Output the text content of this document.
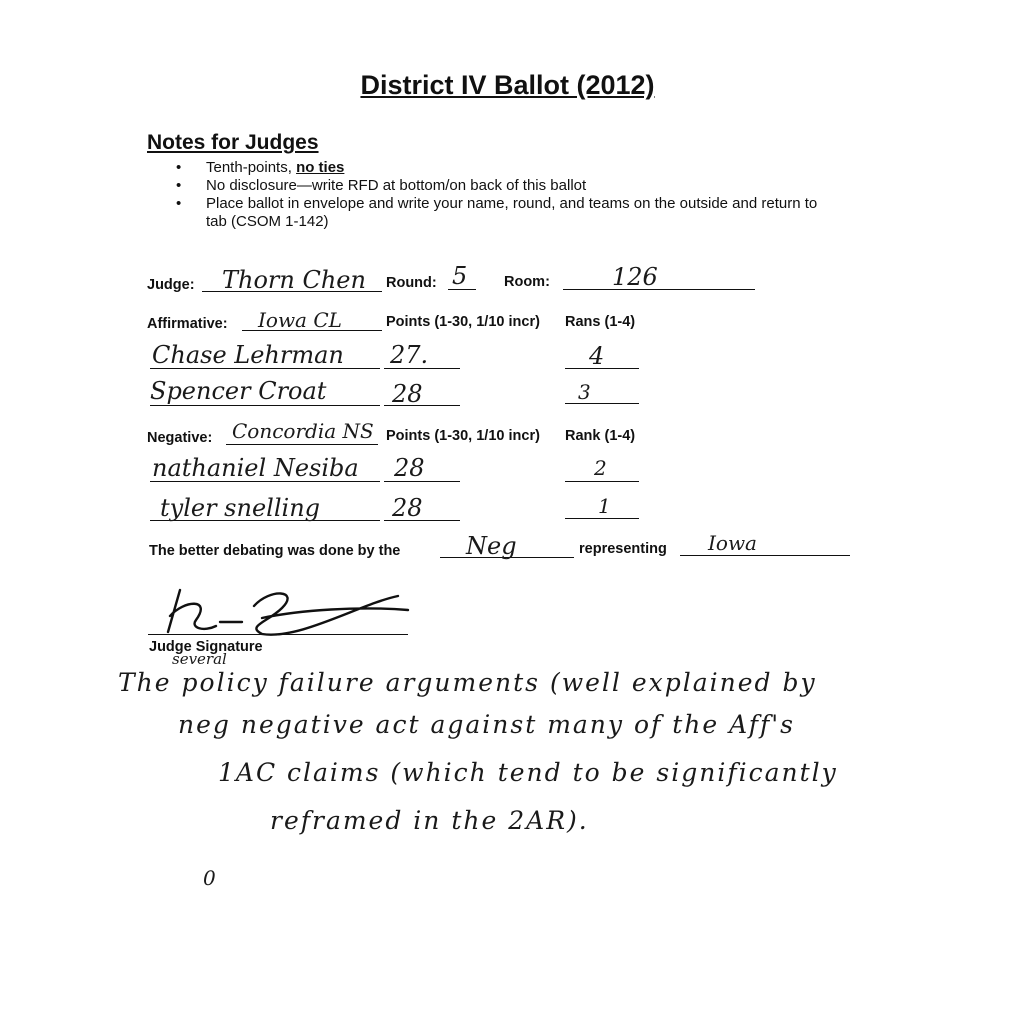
District IV Ballot (2012)
Notes for Judges
• Tenth-points, no ties
• No disclosure—write RFD at bottom/on back of this ballot
• Place ballot in envelope and write your name, round, and teams on the outside and return to tab (CSOM 1-142)
Judge: Thorn Chen Round: 5	Room:	126
Affirmative: Iowa CL	Points (1-30, 1/10 incr) Rans (1-4)
Chase Lehrman 27.	4
Spencer Croat	28	3
Negative: Concordia NS Points (1-30, 1/10 incr) Rank (1-4)
nathaniel Nesiba 28	2
tyler snelling	28	1
The better debating was done by the	Neg	representing Iowa
Judge Signature
several
The policy failure arguments (well explained by
neg negative act against many of the Aff's
1AC claims (which tend to be significantly
reframed in the 2AR).
0
